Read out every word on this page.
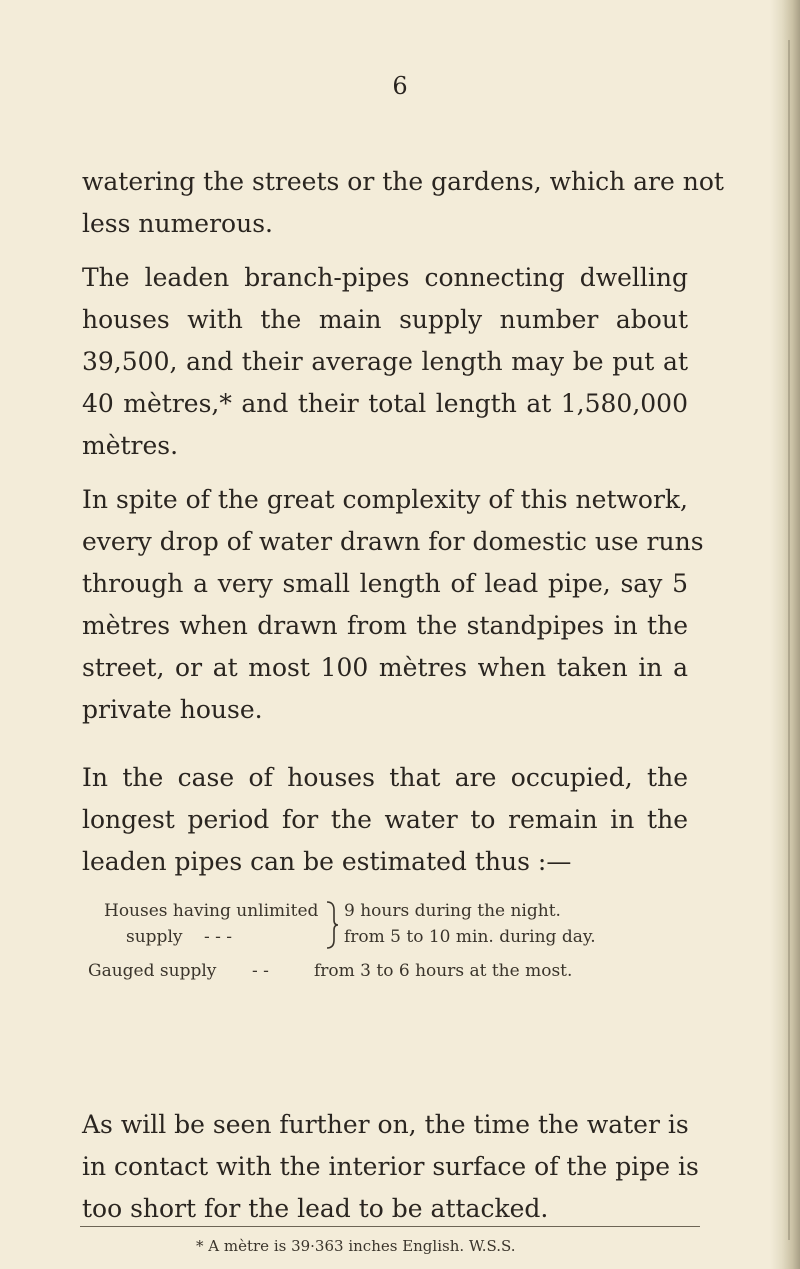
6
watering the streets or the gardens, which are not
less numerous.
The leaden branch-pipes connecting dwelling
houses with the main supply number about
39,500, and their average length may be put at
40 mètres,* and their total length at 1,580,000
mètres.
In spite of the great complexity of this network,
every drop of water drawn for domestic use runs
through a very small length of lead pipe, say 5
mètres when drawn from the standpipes in the
street, or at most 100 mètres when taken in a
private house.
In the case of houses that are occupied, the
longest period for the water to remain in the
leaden pipes can be estimated thus :—
Houses having unlimited
supply - - -
9 hours during the night.
from 5 to 10 min. during day.
Gauged supply - -	from 3 to 6 hours at the most.
As will be seen further on, the time the water is
in contact with the interior surface of the pipe is
too short for the lead to be attacked.
* A mètre is 39·363 inches English. W.S.S.
